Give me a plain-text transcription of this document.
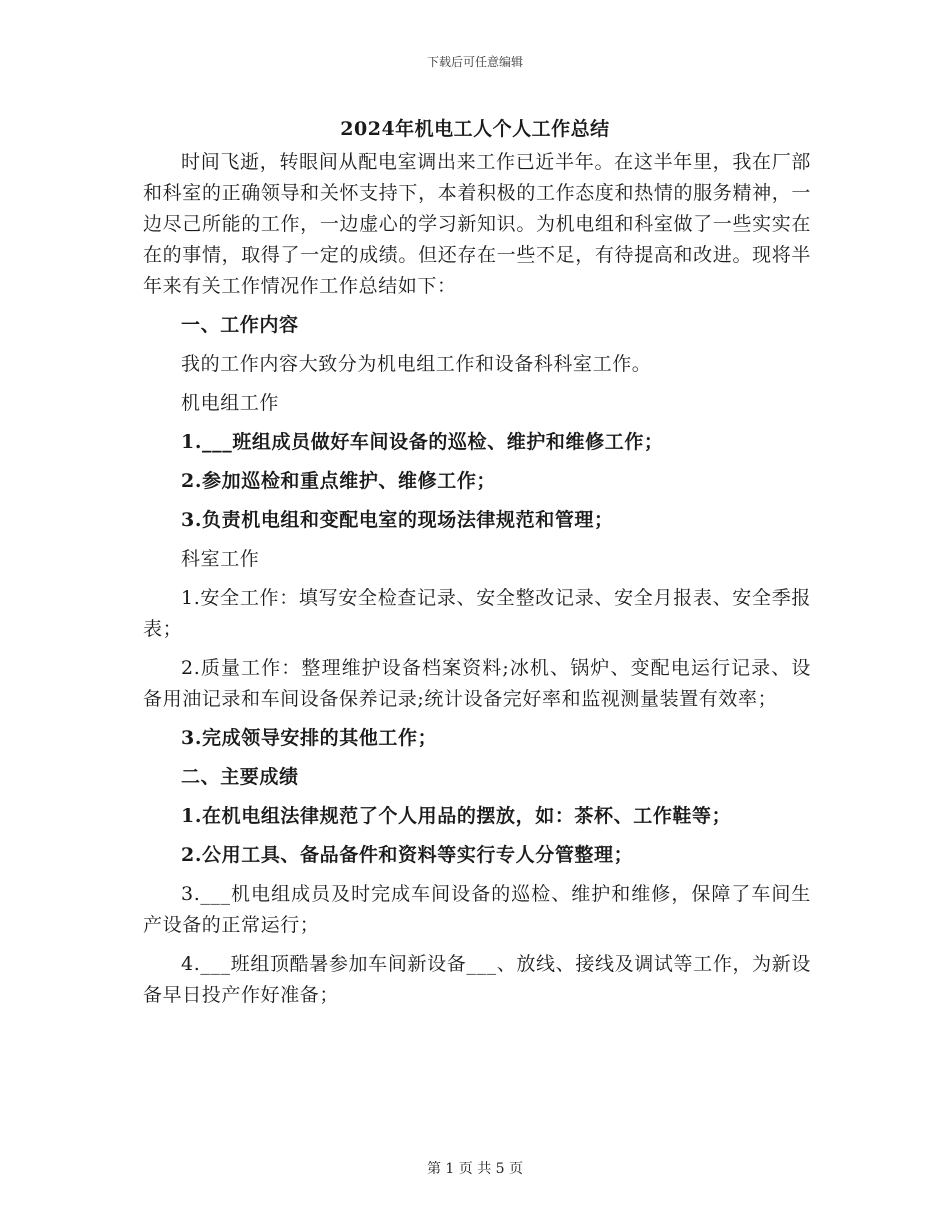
下载后可任意编辑
2024年机电工人个人工作总结

时间飞逝，转眼间从配电室调出来工作已近半年。在这半年里，我在厂部和科室的正确领导和关怀支持下，本着积极的工作态度和热情的服务精神，一边尽己所能的工作，一边虚心的学习新知识。为机电组和科室做了一些实实在在的事情，取得了一定的成绩。但还存在一些不足，有待提高和改进。现将半年来有关工作情况作工作总结如下：

一、工作内容

我的工作内容大致分为机电组工作和设备科科室工作。

机电组工作

1.___班组成员做好车间设备的巡检、维护和维修工作；

2.参加巡检和重点维护、维修工作；

3.负责机电组和变配电室的现场法律规范和管理；

科室工作

1.安全工作：填写安全检查记录、安全整改记录、安全月报表、安全季报表；

2.质量工作：整理维护设备档案资料;冰机、锅炉、变配电运行记录、设备用油记录和车间设备保养记录;统计设备完好率和监视测量装置有效率；

3.完成领导安排的其他工作；

二、主要成绩

1.在机电组法律规范了个人用品的摆放，如：茶杯、工作鞋等；

2.公用工具、备品备件和资料等实行专人分管整理；

3.___机电组成员及时完成车间设备的巡检、维护和维修，保障了车间生产设备的正常运行；

4.___班组顶酷暑参加车间新设备___、放线、接线及调试等工作，为新设备早日投产作好准备；

第 1 页 共 5 页
